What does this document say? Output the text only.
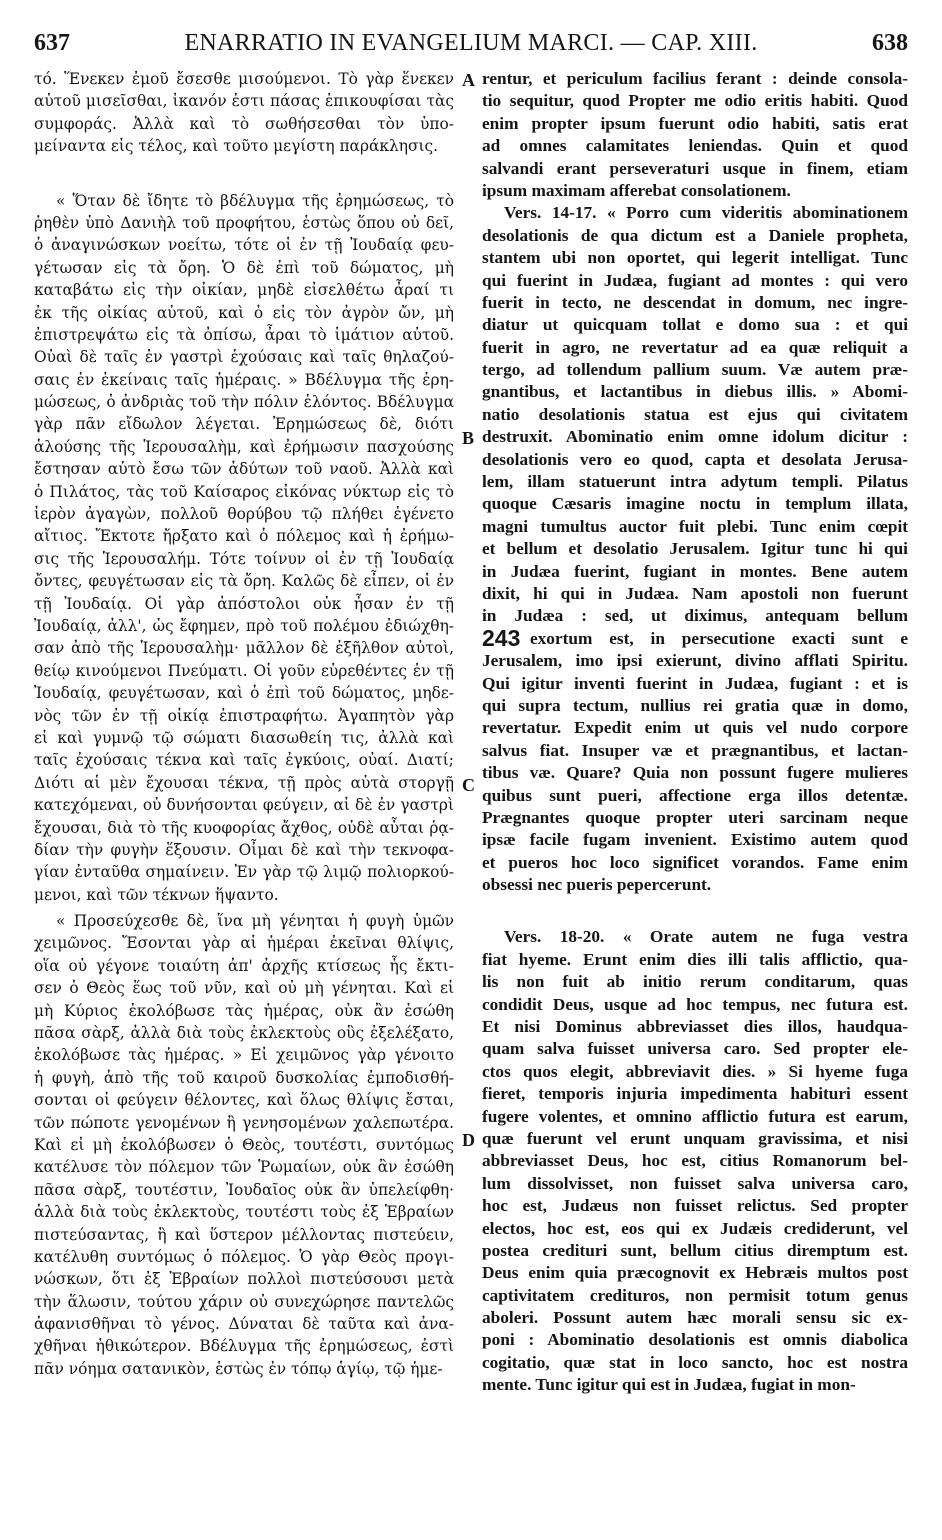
637	ENARRATIO IN EVANGELIUM MARCI. — CAP. XIII.	638
τό. Ἕνεκεν ἐμοῦ ἔσεσθε μισούμενοι. Τὸ γὰρ ἕνεκεν
αὐτοῦ μισεῖσθαι, ἱκανόν ἐστι πάσας ἐπικουφίσαι τὰς
συμφοράς. Ἀλλὰ καὶ τὸ σωθήσεσθαι τὸν ὑπο-
μείναντα εἰς τέλος, καὶ τοῦτο μεγίστη παράκλησις.
« Ὅταν δὲ ἴδητε τὸ βδέλυγμα τῆς ἐρημώσεως, τὸ
ῥηθὲν ὑπὸ Δανιὴλ τοῦ προφήτου, ἑστὼς ὅπου οὐ δεῖ,
ὁ ἀναγινώσκων νοείτω, τότε οἱ ἐν τῇ Ἰουδαίᾳ φευ-
γέτωσαν εἰς τὰ ὄρη. Ὁ δὲ ἐπὶ τοῦ δώματος, μὴ
καταβάτω εἰς τὴν οἰκίαν, μηδὲ εἰσελθέτω ἆραί τι
ἐκ τῆς οἰκίας αὐτοῦ, καὶ ὁ εἰς τὸν ἀγρὸν ὤν, μὴ
ἐπιστρεψάτω εἰς τὰ ὀπίσω, ἆραι τὸ ἱμάτιον αὐτοῦ.
Οὐαὶ δὲ ταῖς ἐν γαστρὶ ἐχούσαις καὶ ταῖς θηλαζού-
σαις ἐν ἐκείναις ταῖς ἡμέραις. » Βδέλυγμα τῆς ἐρη-
μώσεως, ὁ ἀνδριὰς τοῦ τὴν πόλιν ἑλόντος. Βδέλυγμα
γὰρ πᾶν εἴδωλον λέγεται. Ἐρημώσεως δὲ, διότι
ἁλούσης τῆς Ἱερουσαλὴμ, καὶ ἐρήμωσιν πασχούσης
ἔστησαν αὐτὸ ἔσω τῶν ἀδύτων τοῦ ναοῦ. Ἀλλὰ καὶ
ὁ Πιλάτος, τὰς τοῦ Καίσαρος εἰκόνας νύκτωρ εἰς τὸ
ἱερὸν ἀγαγὼν, πολλοῦ θορύβου τῷ πλήθει ἐγένετο
αἴτιος. Ἔκτοτε ἤρξατο καὶ ὁ πόλεμος καὶ ἡ ἐρήμω-
σις τῆς Ἱερουσαλήμ. Τότε τοίνυν οἱ ἐν τῇ Ἰουδαίᾳ
ὄντες, φευγέτωσαν εἰς τὰ ὄρη. Καλῶς δὲ εἶπεν, οἱ ἐν
τῇ Ἰουδαίᾳ. Οἱ γὰρ ἀπόστολοι οὐκ ἦσαν ἐν τῇ
Ἰουδαίᾳ, ἀλλ', ὡς ἔφημεν, πρὸ τοῦ πολέμου ἐδιώχθη-
σαν ἀπὸ τῆς Ἱερουσαλὴμ· μᾶλλον δὲ ἐξῆλθον αὐτοὶ,
θείῳ κινούμενοι Πνεύματι. Οἱ γοῦν εὑρεθέντες ἐν τῇ
Ἰουδαίᾳ, φευγέτωσαν, καὶ ὁ ἐπὶ τοῦ δώματος, μηδε-
νὸς τῶν ἐν τῇ οἰκίᾳ ἐπιστραφήτω. Ἀγαπητὸν γὰρ
εἰ καὶ γυμνῷ τῷ σώματι διασωθείη τις, ἀλλὰ καὶ
ταῖς ἐχούσαις τέκνα καὶ ταῖς ἐγκύοις, οὐαί. Διατί;
Διότι αἱ μὲν ἔχουσαι τέκνα, τῇ πρὸς αὐτὰ στοργῇ
κατεχόμεναι, οὐ δυνήσονται φεύγειν, αἱ δὲ ἐν γαστρὶ
ἔχουσαι, διὰ τὸ τῆς κυοφορίας ἄχθος, οὐδὲ αὗται ῥᾳ-
δίαν τὴν φυγὴν ἕξουσιν. Οἶμαι δὲ καὶ τὴν τεκνοφα-
γίαν ἐνταῦθα σημαίνειν. Ἐν γὰρ τῷ λιμῷ πολιορκού-
μενοι, καὶ τῶν τέκνων ἥψαντο.
« Προσεύχεσθε δὲ, ἵνα μὴ γένηται ἡ φυγὴ ὑμῶν
χειμῶνος. Ἔσονται γὰρ αἱ ἡμέραι ἐκεῖναι θλίψις,
οἵα οὐ γέγονε τοιαύτη ἀπ' ἀρχῆς κτίσεως ἧς ἔκτι-
σεν ὁ Θεὸς ἕως τοῦ νῦν, καὶ οὐ μὴ γένηται. Καὶ εἰ
μὴ Κύριος ἐκολόβωσε τὰς ἡμέρας, οὐκ ἂν ἐσώθη
πᾶσα σὰρξ, ἀλλὰ διὰ τοὺς ἐκλεκτοὺς οὓς ἐξελέξατο,
ἐκολόβωσε τὰς ἡμέρας. » Εἰ χειμῶνος γὰρ γένοιτο
ἡ φυγὴ, ἀπὸ τῆς τοῦ καιροῦ δυσκολίας ἐμποδισθή-
σονται οἱ φεύγειν θέλοντες, καὶ ὅλως θλίψις ἔσται,
τῶν πώποτε γενομένων ἢ γενησομένων χαλεπωτέρα.
Καὶ εἰ μὴ ἐκολόβωσεν ὁ Θεὸς, τουτέστι, συντόμως
κατέλυσε τὸν πόλεμον τῶν Ῥωμαίων, οὐκ ἂν ἐσώθη
πᾶσα σὰρξ, τουτέστιν, Ἰουδαῖος οὐκ ἂν ὑπελείφθη·
ἀλλὰ διὰ τοὺς ἐκλεκτοὺς, τουτέστι τοὺς ἐξ Ἑβραίων
πιστεύσαντας, ἢ καὶ ὕστερον μέλλοντας πιστεύειν,
κατέλυθη συντόμως ὁ πόλεμος. Ὁ γὰρ Θεὸς προγι-
νώσκων, ὅτι ἐξ Ἑβραίων πολλοὶ πιστεύσουσι μετὰ
τὴν ἅλωσιν, τούτου χάριν οὐ συνεχώρησε παντελῶς
ἀφανισθῆναι τὸ γένος. Δύναται δὲ ταῦτα καὶ ἀνα-
χθῆναι ἠθικώτερον. Βδέλυγμα τῆς ἐρημώσεως, ἐστὶ
πᾶν νόημα σατανικὸν, ἑστὼς ἐν τόπῳ ἁγίῳ, τῷ ἡμε-
rentur, et periculum facilius ferant : deinde consola-
tio sequitur, quod Propter me odio eritis habiti. Quod
enim propter ipsum fuerunt odio habiti, satis erat
ad omnes calamitates leniendas. Quin et quod
salvandi erant perseveraturi usque in finem, etiam
ipsum maximam afferebat consolationem.
Vers. 14-17. « Porro cum videritis abominationem
desolationis de qua dictum est a Daniele propheta,
stantem ubi non oportet, qui legerit intelligat. Tunc
qui fuerint in Judæa, fugiant ad montes : qui vero
fuerit in tecto, ne descendat in domum, nec ingre-
diatur ut quicquam tollat e domo sua : et qui
fuerit in agro, ne revertatur ad ea quæ reliquit a
tergo, ad tollendum pallium suum. Væ autem præ-
gnantibus, et lactantibus in diebus illis. » Abomi-
natio desolationis statua est ejus qui civitatem
destruxit. Abominatio enim omne idolum dicitur :
desolationis vero eo quod, capta et desolata Jerusa-
lem, illam statuerunt intra adytum templi. Pilatus
quoque Cæsaris imagine noctu in templum illata,
magni tumultus auctor fuit plebi. Tunc enim cœpit
et bellum et desolatio Jerusalem. Igitur tunc hi qui
in Judæa fuerint, fugiant in montes. Bene autem
dixit, hi qui in Judæa. Nam apostoli non fuerunt
in Judæa : sed, ut diximus, antequam bellum
exortum est, in persecutione exacti sunt e
Jerusalem, imo ipsi exierunt, divino afflati Spiritu.
Qui igitur inventi fuerint in Judæa, fugiant : et is
qui supra tectum, nullius rei gratia quæ in domo,
revertatur. Expedit enim ut quis vel nudo corpore
salvus fiat. Insuper væ et prægnantibus, et lactan-
tibus væ. Quare? Quia non possunt fugere mulieres
quibus sunt pueri, affectione erga illos detentæ.
Prægnantes quoque propter uteri sarcinam neque
ipsæ facile fugam invenient. Existimo autem quod
et pueros hoc loco significet vorandos. Fame enim
obsessi nec pueris pepercerunt.
Vers. 18-20. « Orate autem ne fuga vestra
fiat hyeme. Erunt enim dies illi talis afflictio, qua-
lis non fuit ab initio rerum conditarum, quas
condidit Deus, usque ad hoc tempus, nec futura est.
Et nisi Dominus abbreviasset dies illos, haudqua-
quam salva fuisset universa caro. Sed propter ele-
ctos quos elegit, abbreviavit dies. » Si hyeme fuga
fieret, temporis injuria impedimenta habituri essent
fugere volentes, et omnino afflictio futura est earum,
quæ fuerunt vel erunt unquam gravissima, et nisi
abbreviasset Deus, hoc est, citius Romanorum bel-
lum dissolvisset, non fuisset salva universa caro,
hoc est, Judæus non fuisset relictus. Sed propter
electos, hoc est, eos qui ex Judæis crediderunt, vel
postea credituri sunt, bellum citius diremptum est.
Deus enim quia præcognovit ex Hebræis multos post
captivitatem credituros, non permisit totum genus
aboleri. Possunt autem hæc morali sensu sic ex-
poni : Abominatio desolationis est omnis diabolica
cogitatio, quæ stat in loco sancto, hoc est nostra
mente. Tunc igitur qui est in Judæa, fugiat in mon-
A
B
C
D
243
